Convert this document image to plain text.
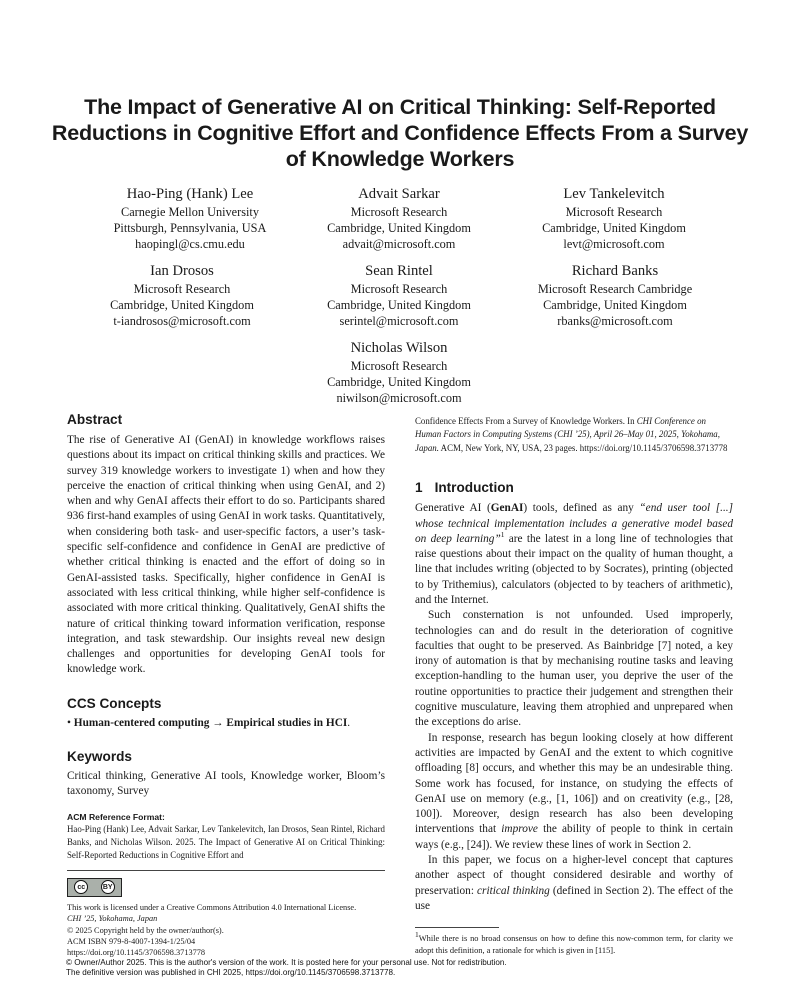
The Impact of Generative AI on Critical Thinking: Self-Reported Reductions in Cognitive Effort and Confidence Effects From a Survey of Knowledge Workers
Hao-Ping (Hank) Lee
Carnegie Mellon University
Pittsburgh, Pennsylvania, USA
haopingl@cs.cmu.edu
Advait Sarkar
Microsoft Research
Cambridge, United Kingdom
advait@microsoft.com
Lev Tankelevitch
Microsoft Research
Cambridge, United Kingdom
levt@microsoft.com
Ian Drosos
Microsoft Research
Cambridge, United Kingdom
t-iandrosos@microsoft.com
Sean Rintel
Microsoft Research
Cambridge, United Kingdom
serintel@microsoft.com
Richard Banks
Microsoft Research Cambridge
Cambridge, United Kingdom
rbanks@microsoft.com
Nicholas Wilson
Microsoft Research
Cambridge, United Kingdom
niwilson@microsoft.com
Abstract

The rise of Generative AI (GenAI) in knowledge workflows raises questions about its impact on critical thinking skills and practices. We survey 319 knowledge workers to investigate 1) when and how they perceive the enaction of critical thinking when using GenAI, and 2) when and why GenAI affects their effort to do so. Participants shared 936 first-hand examples of using GenAI in work tasks. Quantitatively, when considering both task- and user-specific factors, a user’s task-specific self-confidence and confidence in GenAI are predictive of whether critical thinking is enacted and the effort of doing so in GenAI-assisted tasks. Specifically, higher confidence in GenAI is associated with less critical thinking, while higher self-confidence is associated with more critical thinking. Qualitatively, GenAI shifts the nature of critical thinking toward information verification, response integration, and task stewardship. Our insights reveal new design challenges and opportunities for developing GenAI tools for knowledge work.

CCS Concepts

• Human-centered computing → Empirical studies in HCI.

Keywords

Critical thinking, Generative AI tools, Knowledge worker, Bloom’s taxonomy, Survey

ACM Reference Format:
Hao-Ping (Hank) Lee, Advait Sarkar, Lev Tankelevitch, Ian Drosos, Sean Rintel, Richard Banks, and Nicholas Wilson. 2025. The Impact of Generative AI on Critical Thinking: Self-Reported Reductions in Cognitive Effort and
cc	BY
This work is licensed under a Creative Commons Attribution 4.0 International License.
CHI ’25, Yokohama, Japan
© 2025 Copyright held by the owner/author(s).
ACM ISBN 979-8-4007-1394-1/25/04
https://doi.org/10.1145/3706598.3713778
Confidence Effects From a Survey of Knowledge Workers. In CHI Conference on Human Factors in Computing Systems (CHI ’25), April 26–May 01, 2025, Yokohama, Japan. ACM, New York, NY, USA, 23 pages. https://doi.org/10.1145/3706598.3713778
1 Introduction

Generative AI (GenAI) tools, defined as any “end user tool [...] whose technical implementation includes a generative model based on deep learning”$^1$ are the latest in a long line of technologies that raise questions about their impact on the quality of human thought, a line that includes writing (objected to by Socrates), printing (objected to by Trithemius), calculators (objected to by teachers of arithmetic), and the Internet.

Such consternation is not unfounded. Used improperly, technologies can and do result in the deterioration of cognitive faculties that ought to be preserved. As Bainbridge [7] noted, a key irony of automation is that by mechanising routine tasks and leaving exception-handling to the human user, you deprive the user of the routine opportunities to practice their judgement and strengthen their cognitive musculature, leaving them atrophied and unprepared when the exceptions do arise.

In response, research has begun looking closely at how different activities are impacted by GenAI and the extent to which cognitive offloading [8] occurs, and whether this may be an undesirable thing. Some work has focused, for instance, on studying the effects of GenAI use on memory (e.g., [1, 106]) and on creativity (e.g., [28, 100]). Moreover, design research has also been developing interventions that improve the ability of people to think in certain ways (e.g., [24]). We review these lines of work in Section 2.

In this paper, we focus on a higher-level concept that captures another aspect of thought considered desirable and worthy of preservation: critical thinking (defined in Section 2). The effect of the use

$^1$While there is no broad consensus on how to define this now-common term, for clarity we adopt this definition, a rationale for which is given in [115].
© Owner/Author 2025. This is the author's version of the work. It is posted here for your personal use. Not for redistribution.
The definitive version was published in CHI 2025, https://doi.org/10.1145/3706598.3713778.
